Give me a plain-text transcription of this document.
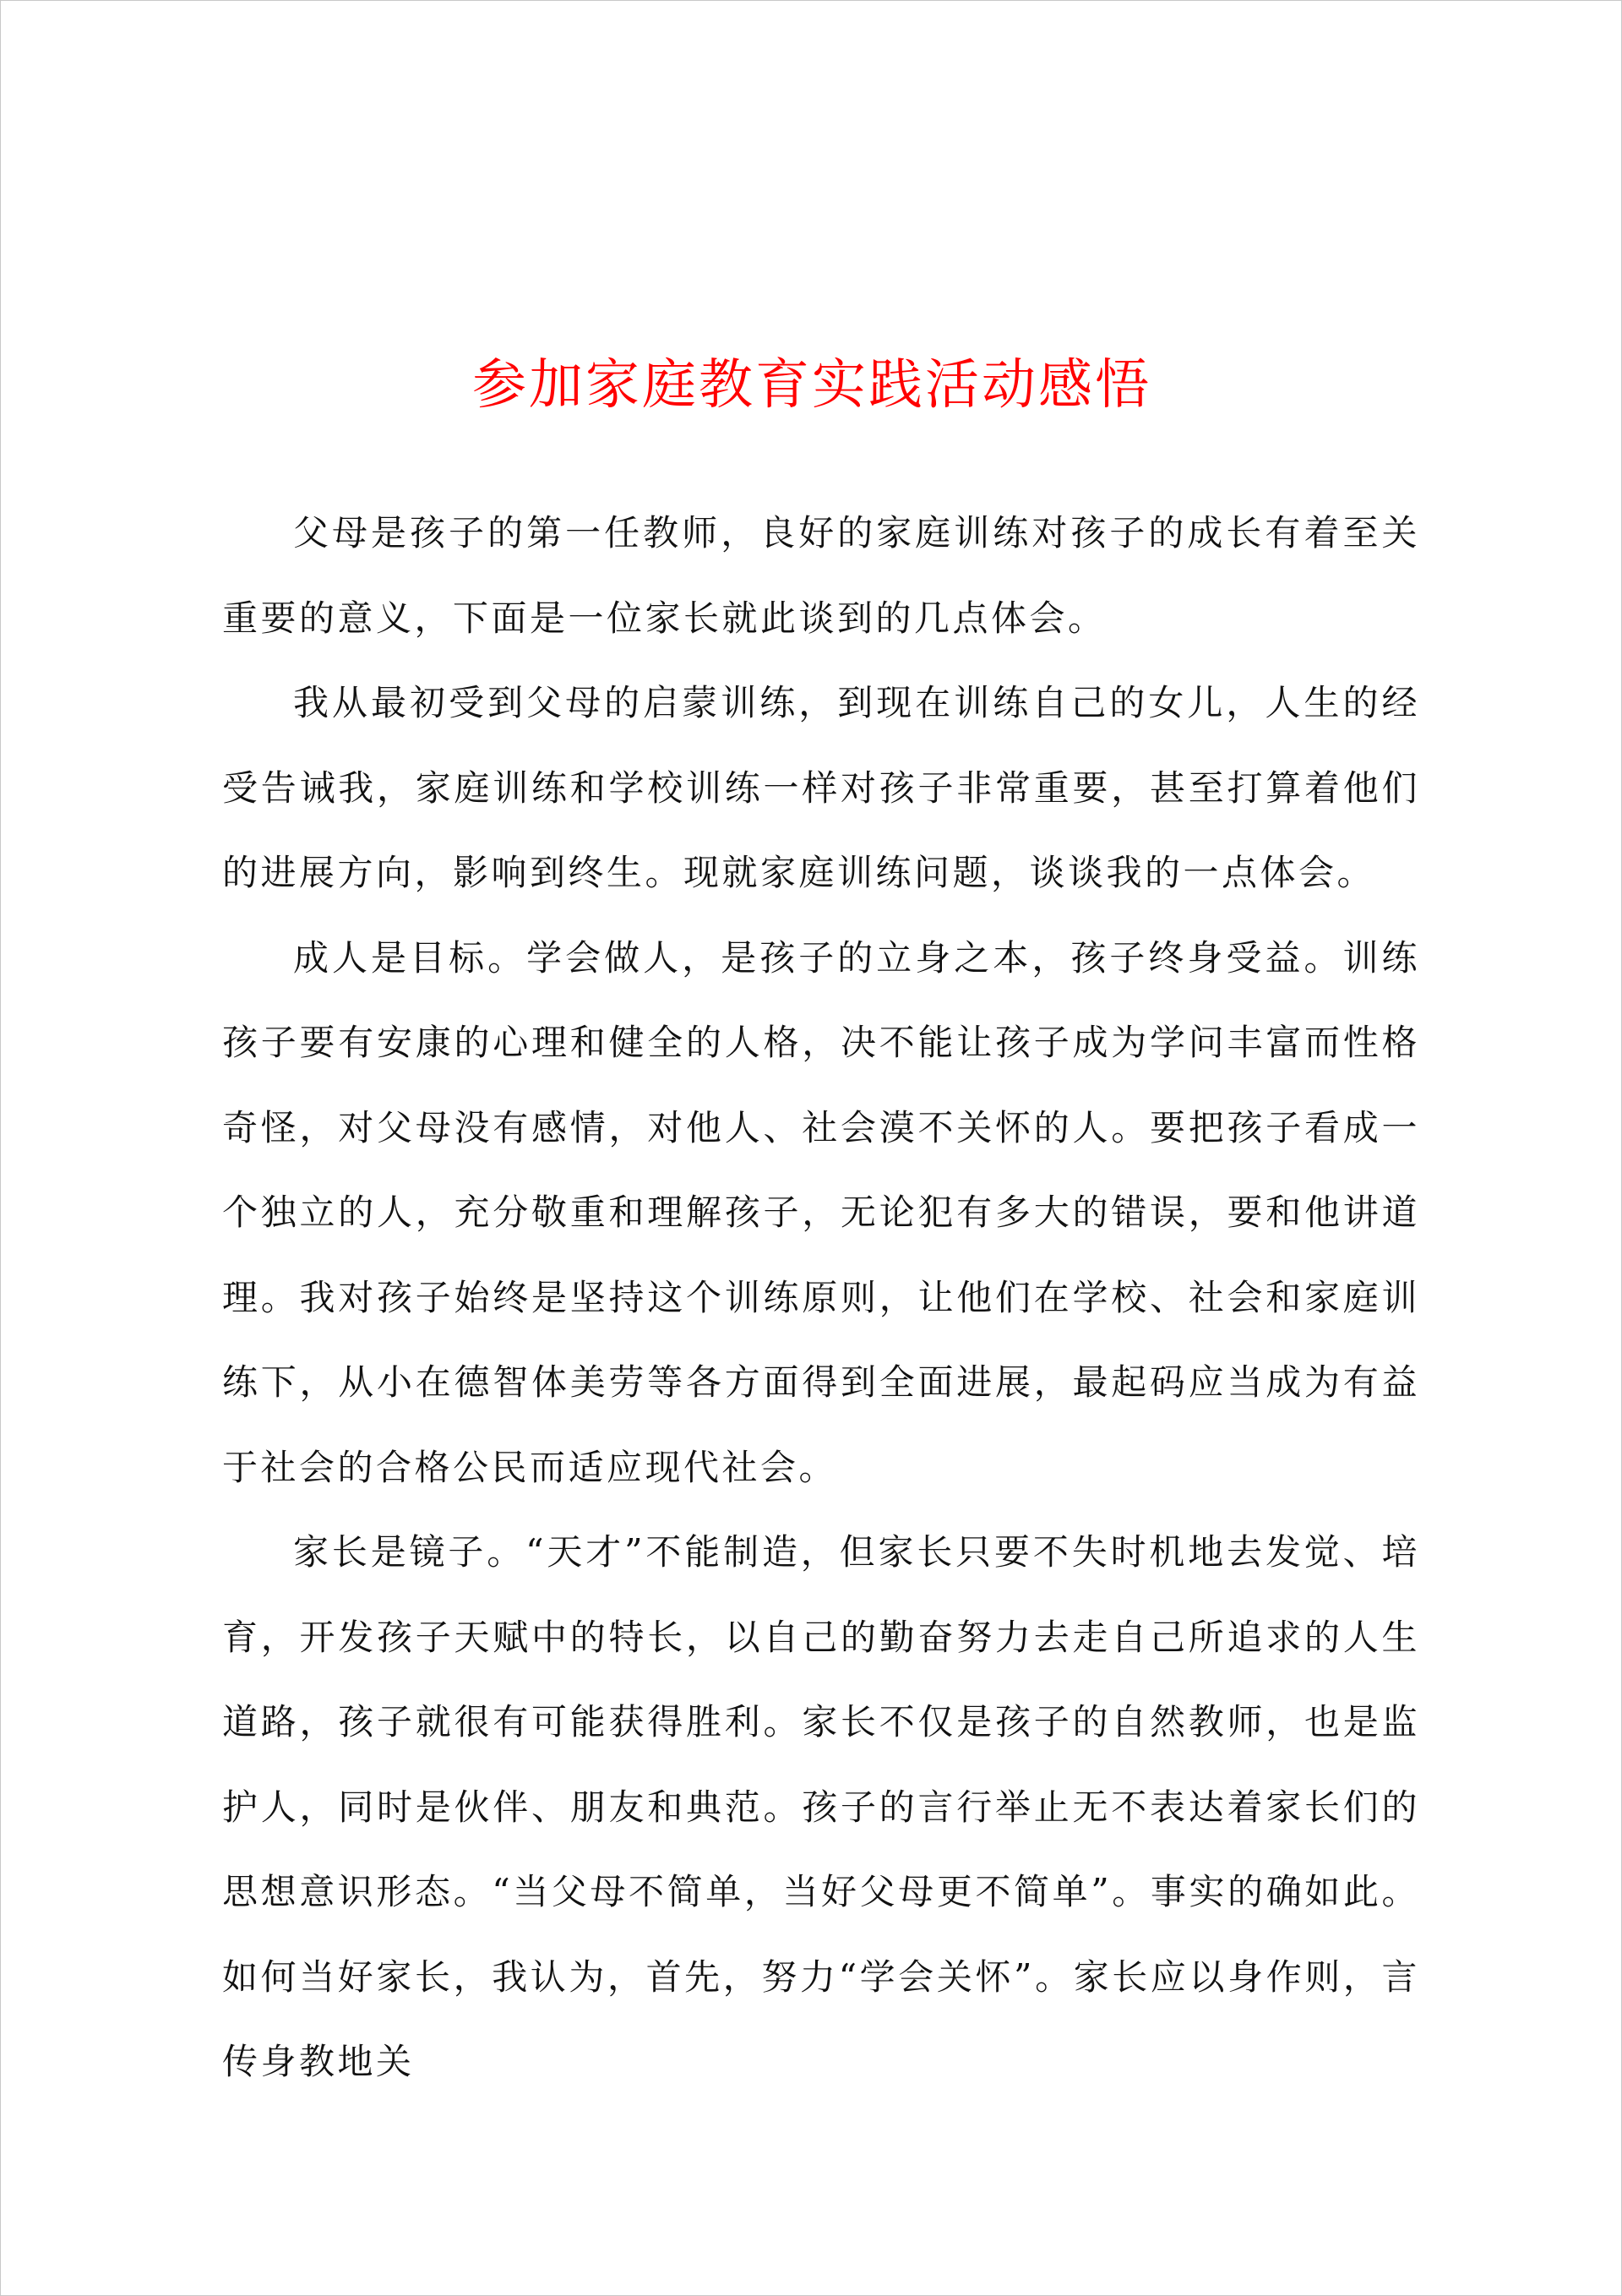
参加家庭教育实践活动感悟

父母是孩子的第一任教师，良好的家庭训练对孩子的成长有着至关重要的意义，下面是一位家长就此谈到的几点体会。

我从最初受到父母的启蒙训练，到现在训练自己的女儿，人生的经受告诫我，家庭训练和学校训练一样对孩子非常重要，甚至打算着他们的进展方向，影响到终生。现就家庭训练问题，谈谈我的一点体会。

成人是目标。学会做人，是孩子的立身之本，孩子终身受益。训练孩子要有安康的心理和健全的人格，决不能让孩子成为学问丰富而性格奇怪，对父母没有感情，对他人、社会漠不关怀的人。要把孩子看成一个独立的人，充分敬重和理解孩子，无论犯有多大的错误，要和他讲道理。我对孩子始终是坚持这个训练原则，让他们在学校、社会和家庭训练下，从小在德智体美劳等各方面得到全面进展，最起码应当成为有益于社会的合格公民而适应现代社会。

家长是镜子。“天才”不能制造，但家长只要不失时机地去发觉、培育，开发孩子天赋中的特长，以自己的勤奋努力去走自己所追求的人生道路，孩子就很有可能获得胜利。家长不仅是孩子的自然教师，也是监护人，同时是伙伴、朋友和典范。孩子的言行举止无不表达着家长们的思想意识形态。“当父母不简单，当好父母更不简单”。事实的确如此。如何当好家长，我认为，首先，努力“学会关怀”。家长应以身作则，言传身教地关
